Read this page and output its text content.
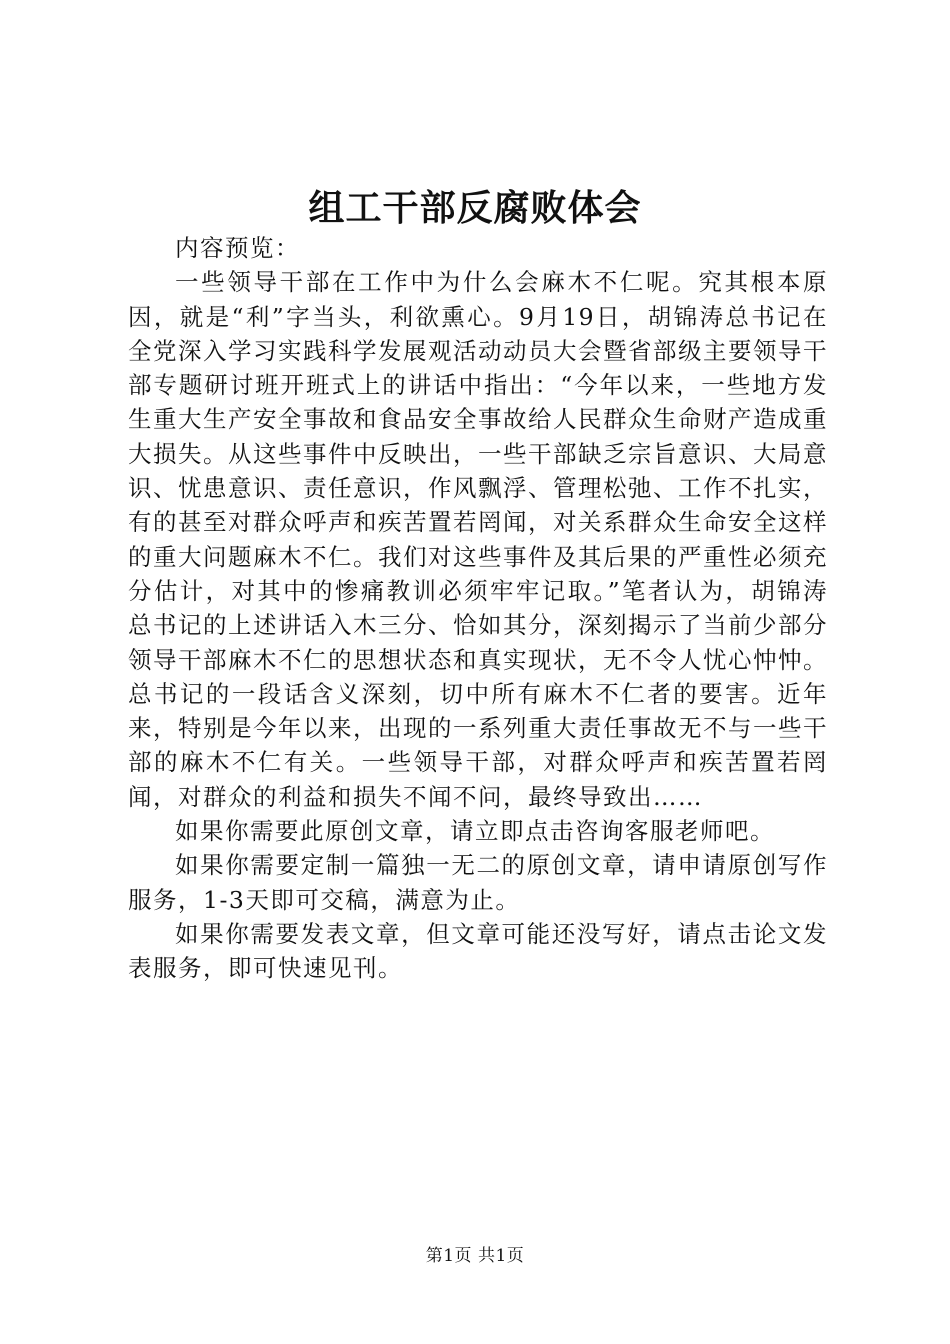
组工干部反腐败体会

内容预览：

一些领导干部在工作中为什么会麻木不仁呢。究其根本原因，就是“利”字当头，利欲熏心。9月19日，胡锦涛总书记在全党深入学习实践科学发展观活动动员大会暨省部级主要领导干部专题研讨班开班式上的讲话中指出：“今年以来，一些地方发生重大生产安全事故和食品安全事故给人民群众生命财产造成重大损失。从这些事件中反映出，一些干部缺乏宗旨意识、大局意识、忧患意识、责任意识，作风飘浮、管理松弛、工作不扎实，有的甚至对群众呼声和疾苦置若罔闻，对关系群众生命安全这样的重大问题麻木不仁。我们对这些事件及其后果的严重性必须充分估计，对其中的惨痛教训必须牢牢记取。”笔者认为，胡锦涛总书记的上述讲话入木三分、恰如其分，深刻揭示了当前少部分领导干部麻木不仁的思想状态和真实现状，无不令人忧心忡忡。总书记的一段话含义深刻，切中所有麻木不仁者的要害。近年来，特别是今年以来，出现的一系列重大责任事故无不与一些干部的麻木不仁有关。一些领导干部，对群众呼声和疾苦置若罔闻，对群众的利益和损失不闻不问，最终导致出……

如果你需要此原创文章，请立即点击咨询客服老师吧。

如果你需要定制一篇独一无二的原创文章，请申请原创写作服务，1-3天即可交稿，满意为止。

如果你需要发表文章，但文章可能还没写好，请点击论文发表服务，即可快速见刊。

第1页 共1页
